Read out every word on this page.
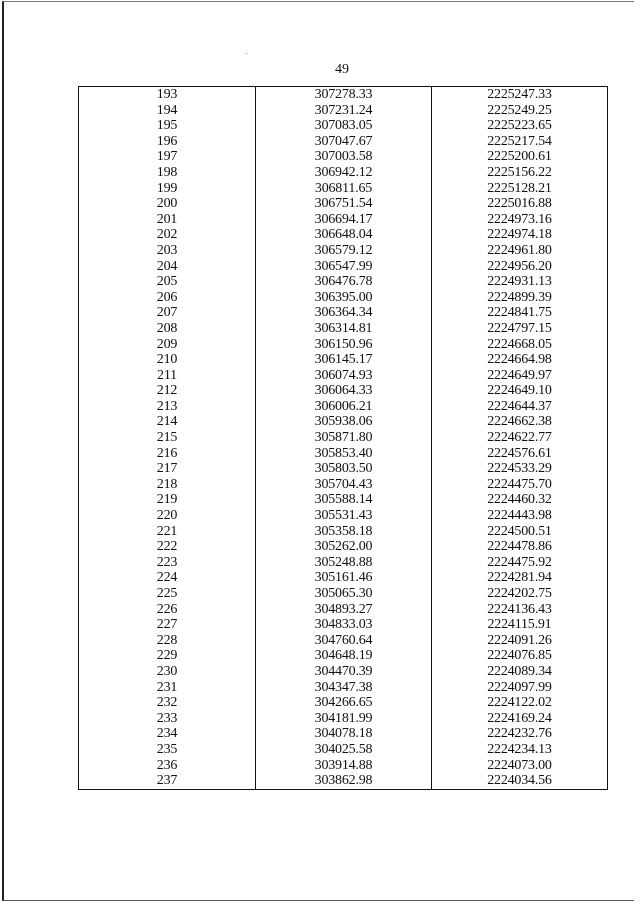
49
193	307278.33	2225247.33
194	307231.24	2225249.25
195	307083.05	2225223.65
196	307047.67	2225217.54
197	307003.58	2225200.61
198	306942.12	2225156.22
199	306811.65	2225128.21
200	306751.54	2225016.88
201	306694.17	2224973.16
202	306648.04	2224974.18
203	306579.12	2224961.80
204	306547.99	2224956.20
205	306476.78	2224931.13
206	306395.00	2224899.39
207	306364.34	2224841.75
208	306314.81	2224797.15
209	306150.96	2224668.05
210	306145.17	2224664.98
211	306074.93	2224649.97
212	306064.33	2224649.10
213	306006.21	2224644.37
214	305938.06	2224662.38
215	305871.80	2224622.77
216	305853.40	2224576.61
217	305803.50	2224533.29
218	305704.43	2224475.70
219	305588.14	2224460.32
220	305531.43	2224443.98
221	305358.18	2224500.51
222	305262.00	2224478.86
223	305248.88	2224475.92
224	305161.46	2224281.94
225	305065.30	2224202.75
226	304893.27	2224136.43
227	304833.03	2224115.91
228	304760.64	2224091.26
229	304648.19	2224076.85
230	304470.39	2224089.34
231	304347.38	2224097.99
232	304266.65	2224122.02
233	304181.99	2224169.24
234	304078.18	2224232.76
235	304025.58	2224234.13
236	303914.88	2224073.00
237	303862.98	2224034.56
